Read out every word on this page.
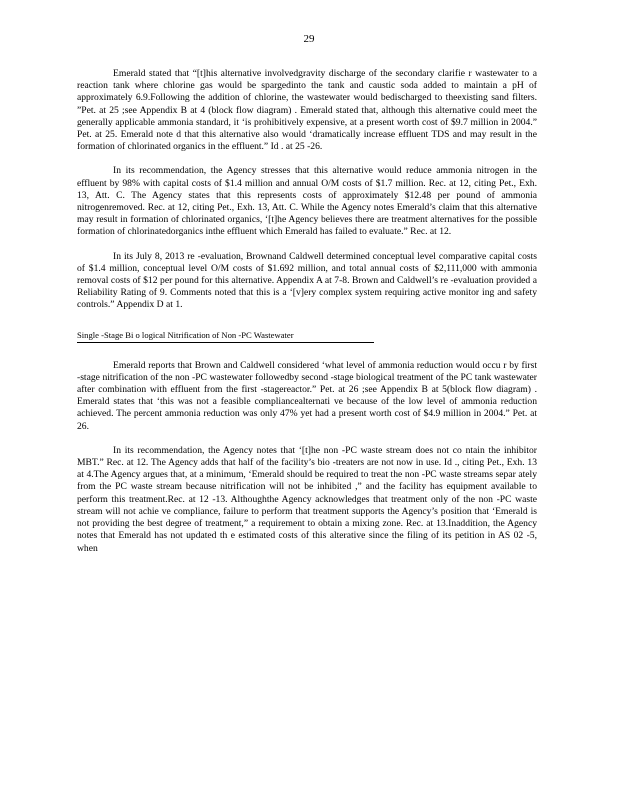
29

Emerald stated that “[t]his alternative involvedgravity discharge of the secondary clarifie r wastewater to a reaction tank where chlorine gas would be spargedinto the tank and caustic soda added to maintain a pH of approximately 6.9.Following the addition of chlorine, the wastewater would bedischarged to theexisting sand filters. ”Pet. at 25 ;see Appendix B at 4 (block flow diagram) . Emerald stated that, although this alternative could meet the generally applicable ammonia standard, it ‘is prohibitively expensive, at a present worth cost of $9.7 million in 2004.” Pet. at 25. Emerald note d that this alternative also would ‘dramatically increase effluent TDS and may result in the formation of chlorinated organics in the effluent.” Id . at 25 -26.

In its recommendation, the Agency stresses that this alternative would reduce ammonia nitrogen in the effluent by 98% with capital costs of $1.4 million and annual O/M costs of $1.7 million. Rec. at 12, citing Pet., Exh. 13, Att. C. The Agency states that this represents costs of approximately $12.48 per pound of ammonia nitrogenremoved. Rec. at 12, citing Pet., Exh. 13, Att. C. While the Agency notes Emerald’s claim that this alternative may result in formation of chlorinated organics, ‘[t]he Agency believes there are treatment alternatives for the possible formation of chlorinatedorganics inthe effluent which Emerald has failed to evaluate.” Rec. at 12.

In its July 8, 2013 re -evaluation, Brownand Caldwell determined conceptual level comparative capital costs of $1.4 million, conceptual level O/M costs of $1.692 million, and total annual costs of $2,111,000 with ammonia removal costs of $12 per pound for this alternative. Appendix A at 7-8. Brown and Caldwell’s re -evaluation provided a Reliability Rating of 9. Comments noted that this is a ‘[v]ery complex system requiring active monitor ing and safety controls.” Appendix D at 1.

Single -Stage Bi o logical Nitrification of Non -PC Wastewater

Emerald reports that Brown and Caldwell considered ‘what level of ammonia reduction would occu r by first -stage nitrification of the non -PC wastewater followedby second -stage biological treatment of the PC tank wastewater after combination with effluent from the first -stagereactor.” Pet. at 26 ;see Appendix B at 5(block flow diagram) . Emerald states that ‘this was not a feasible compliancealternati ve because of the low level of ammonia reduction achieved. The percent ammonia reduction was only 47% yet had a present worth cost of $4.9 million in 2004.” Pet. at 26.

In its recommendation, the Agency notes that ‘[t]he non -PC waste stream does not co ntain the inhibitor MBT.” Rec. at 12. The Agency adds that half of the facility’s bio -treaters are not now in use. Id ., citing Pet., Exh. 13 at 4.The Agency argues that, at a minimum, ‘Emerald should be required to treat the non -PC waste streams separ ately from the PC waste stream because nitrification will not be inhibited ,” and the facility has equipment available to perform this treatment.Rec. at 12 -13. Althoughthe Agency acknowledges that treatment only of the non -PC waste stream will not achie ve compliance, failure to perform that treatment supports the Agency’s position that ‘Emerald is not providing the best degree of treatment,” a requirement to obtain a mixing zone. Rec. at 13.Inaddition, the Agency notes that Emerald has not updated th e estimated costs of this alterative since the filing of its petition in AS 02 -5, when
